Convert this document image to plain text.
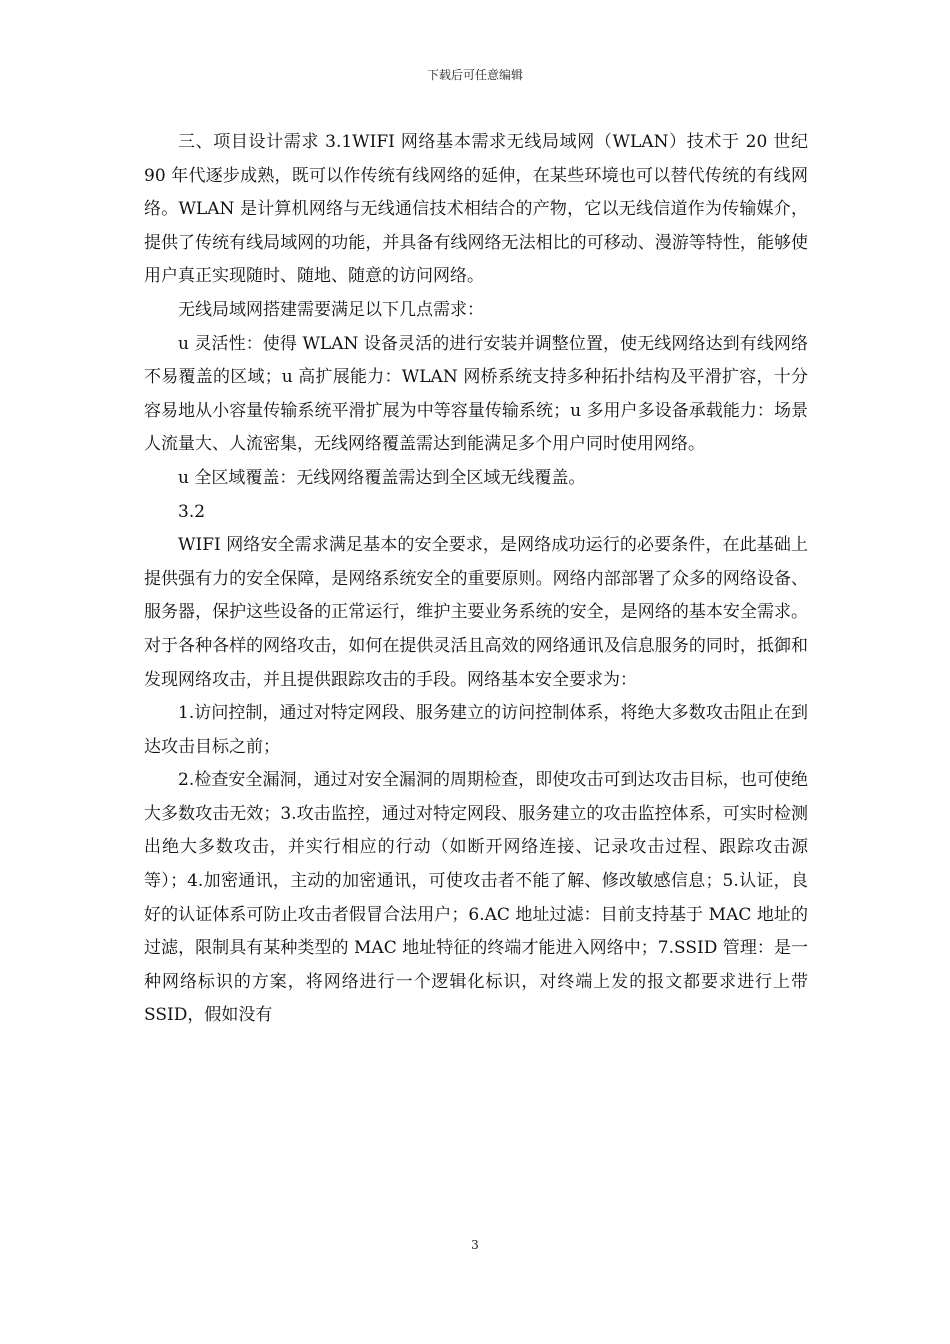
下载后可任意编辑

三、项目设计需求 3.1WIFI 网络基本需求无线局域网（WLAN）技术于 20 世纪 90 年代逐步成熟，既可以作传统有线网络的延伸，在某些环境也可以替代传统的有线网络。WLAN 是计算机网络与无线通信技术相结合的产物，它以无线信道作为传输媒介，提供了传统有线局域网的功能，并具备有线网络无法相比的可移动、漫游等特性，能够使用户真正实现随时、随地、随意的访问网络。

无线局域网搭建需要满足以下几点需求：

u 灵活性：使得 WLAN 设备灵活的进行安装并调整位置，使无线网络达到有线网络不易覆盖的区域；u 高扩展能力：WLAN 网桥系统支持多种拓扑结构及平滑扩容，十分容易地从小容量传输系统平滑扩展为中等容量传输系统；u 多用户多设备承载能力：场景人流量大、人流密集，无线网络覆盖需达到能满足多个用户同时使用网络。

u 全区域覆盖：无线网络覆盖需达到全区域无线覆盖。

3.2

WIFI 网络安全需求满足基本的安全要求，是网络成功运行的必要条件，在此基础上提供强有力的安全保障，是网络系统安全的重要原则。网络内部部署了众多的网络设备、服务器，保护这些设备的正常运行，维护主要业务系统的安全，是网络的基本安全需求。对于各种各样的网络攻击，如何在提供灵活且高效的网络通讯及信息服务的同时，抵御和发现网络攻击，并且提供跟踪攻击的手段。网络基本安全要求为：

1.访问控制，通过对特定网段、服务建立的访问控制体系，将绝大多数攻击阻止在到达攻击目标之前；

2.检查安全漏洞，通过对安全漏洞的周期检查，即使攻击可到达攻击目标，也可使绝大多数攻击无效；3.攻击监控，通过对特定网段、服务建立的攻击监控体系，可实时检测出绝大多数攻击，并实行相应的行动（如断开网络连接、记录攻击过程、跟踪攻击源等）；4.加密通讯，主动的加密通讯，可使攻击者不能了解、修改敏感信息；5.认证，良好的认证体系可防止攻击者假冒合法用户；6.AC 地址过滤：目前支持基于 MAC 地址的过滤，限制具有某种类型的 MAC 地址特征的终端才能进入网络中；7.SSID 管理：是一种网络标识的方案，将网络进行一个逻辑化标识，对终端上发的报文都要求进行上带 SSID，假如没有

3
